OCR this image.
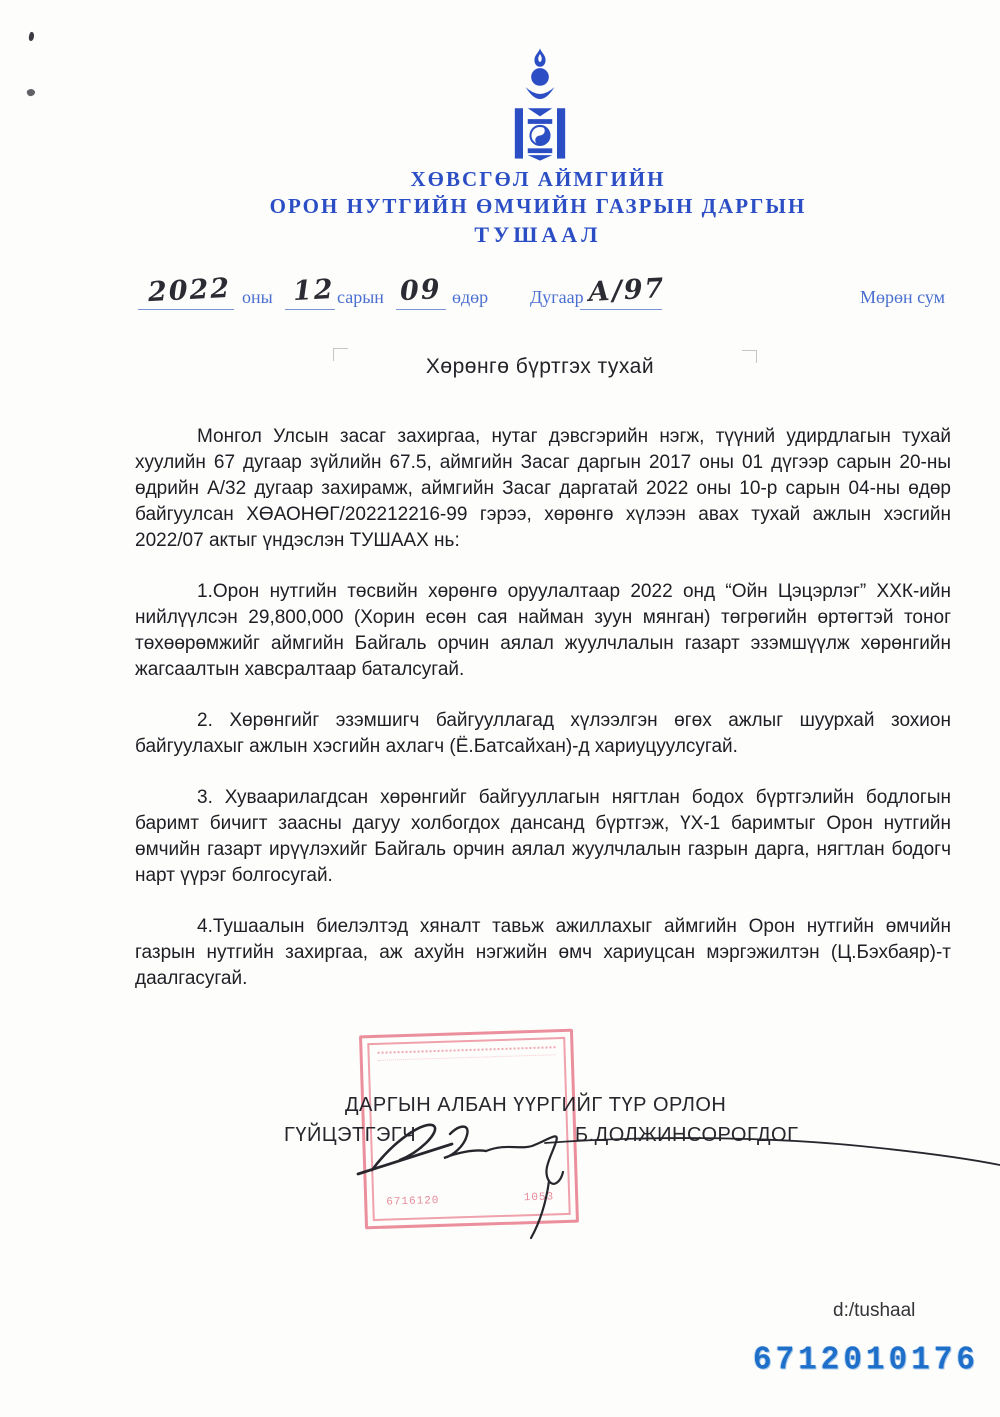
ХӨВСГӨЛ АЙМГИЙН
ОРОН НУТГИЙН ӨМЧИЙН ГАЗРЫН ДАРГЫН
ТУШААЛ
2022 оны 12 сарын 09 өдөр Дугаар А/97	Мөрөн сум
Хөрөнгө бүртгэх тухай

Монгол Улсын засаг захиргаа, нутаг дэвсгэрийн нэгж, түүний удирдлагын тухай хуулийн 67 дугаар зүйлийн 67.5, аймгийн Засаг даргын 2017 оны 01 дүгээр сарын 20-ны өдрийн А/32 дугаар захирамж, аймгийн Засаг даргатай 2022 оны 10-р сарын 04-ны өдөр байгуулсан ХӨАОНӨГ/202212216-99 гэрээ, хөрөнгө хүлээн авах тухай ажлын хэсгийн 2022/07 актыг үндэслэн ТУШААХ нь:

1.Орон нутгийн төсвийн хөрөнгө оруулалтаар 2022 онд “Ойн Цэцэрлэг” ХХК-ийн нийлүүлсэн 29,800,000 (Хорин есөн сая найман зуун мянган) төгрөгийн өртөгтэй тоног төхөөрөмжийг аймгийн Байгаль орчин аялал жуулчлалын газарт эзэмшүүлж хөрөнгийн жагсаалтын хавсралтаар баталсугай.

2. Хөрөнгийг эзэмшигч байгууллагад хүлээлгэн өгөх ажлыг шуурхай зохион байгуулахыг ажлын хэсгийн ахлагч (Ё.Батсайхан)-д хариуцуулсугай.

3. Хуваарилагдсан хөрөнгийг байгууллагын нягтлан бодох бүртгэлийн бодлогын баримт бичигт заасны дагуу холбогдох дансанд бүртгэж, ҮХ-1 баримтыг Орон нутгийн өмчийн газарт ирүүлэхийг Байгаль орчин аялал жуулчлалын газрын дарга, нягтлан бодогч нарт үүрэг болгосугай.

4.Тушаалын биелэлтэд хяналт тавьж ажиллахыг аймгийн Орон нутгийн өмчийн газрын нутгийн захиргаа, аж ахуйн нэгжийн өмч хариуцсан мэргэжилтэн (Ц.Бэхбаяр)-т даалгасугай.

6716120	1053
ДАРГЫН АЛБАН ҮҮРГИЙГ ТҮР ОРЛОН
ГҮЙЦЭТГЭГЧ	Б.ДОЛЖИНСОРОГДОГ
d:/tushaal
6712010176
